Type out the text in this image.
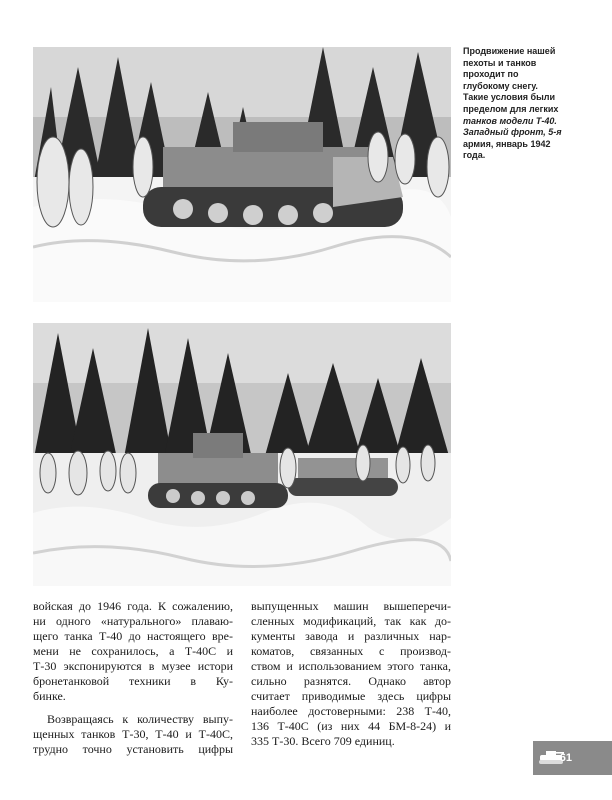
Продвижение нашей
пехоты и танков
проходит по
глубокому снегу.
Такие условия были
пределом для легких
танков модели Т-40.
Западный фронт, 5-я
армия, январь 1942
года.
войская до 1946 года. К сожалению,
ни одного «натурального» плаваю-
щего танка Т-40 до настоящего вре-
мени не сохранилось, а Т-40С и
Т-30 экспонируются в музее истори
бронетанковой техники в Ку-
бинке.
Возвращаясь к количеству выпу-
щенных танков Т-30, Т-40 и Т-40С,
трудно точно установить цифры
выпущенных машин вышеперечи-
сленных модификаций, так как до-
кументы завода и различных нар-
коматов, связанных с производ-
ством и использованием этого танка,
сильно разнятся. Однако автор
считает приводимые здесь цифры
наиболее достоверными: 238 Т-40,
136 Т-40С (из них 44 БМ-8-24) и
335 Т-30. Всего 709 единиц.
61
